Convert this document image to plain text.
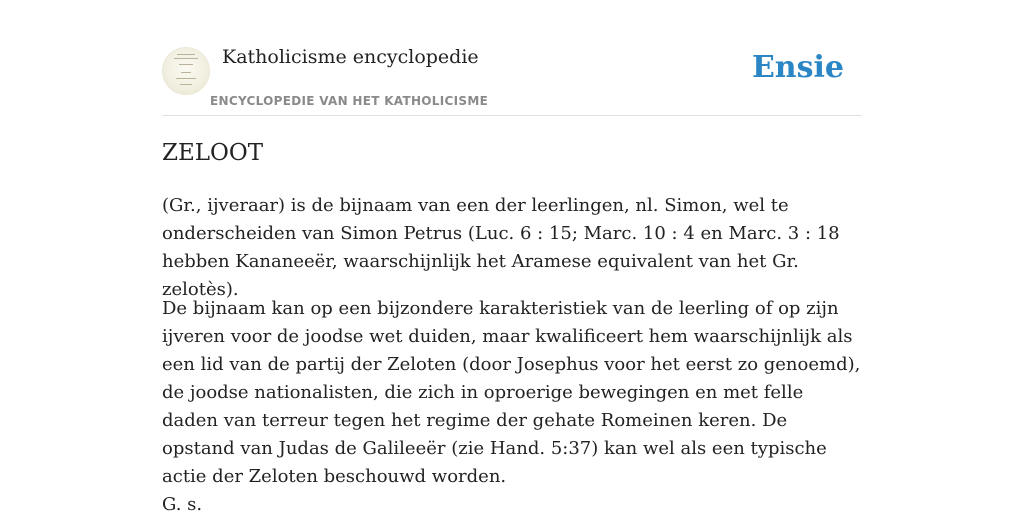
Katholicisme encyclopedie
ENCYCLOPEDIE VAN HET KATHOLICISME
Ensie
ZELOOT

(Gr., ijveraar) is de bijnaam van een der leerlingen, nl. Simon, wel te onderscheiden van Simon Petrus (Luc. 6 : 15; Marc. 10 : 4 en Marc. 3 : 18 hebben Kananeeër, waarschijnlijk het Aramese equivalent van het Gr. zelotès).

De bijnaam kan op een bijzondere karakteristiek van de leerling of op zijn ijveren voor de joodse wet duiden, maar kwalificeert hem waarschijnlijk als een lid van de partij der Zeloten (door Josephus voor het eerst zo genoemd), de joodse nationalisten, die zich in oproerige bewegingen en met felle daden van terreur tegen het regime der gehate Romeinen keren. De opstand van Judas de Galileeër (zie Hand. 5:37) kan wel als een typische actie der Zeloten beschouwd worden.

G. s.
